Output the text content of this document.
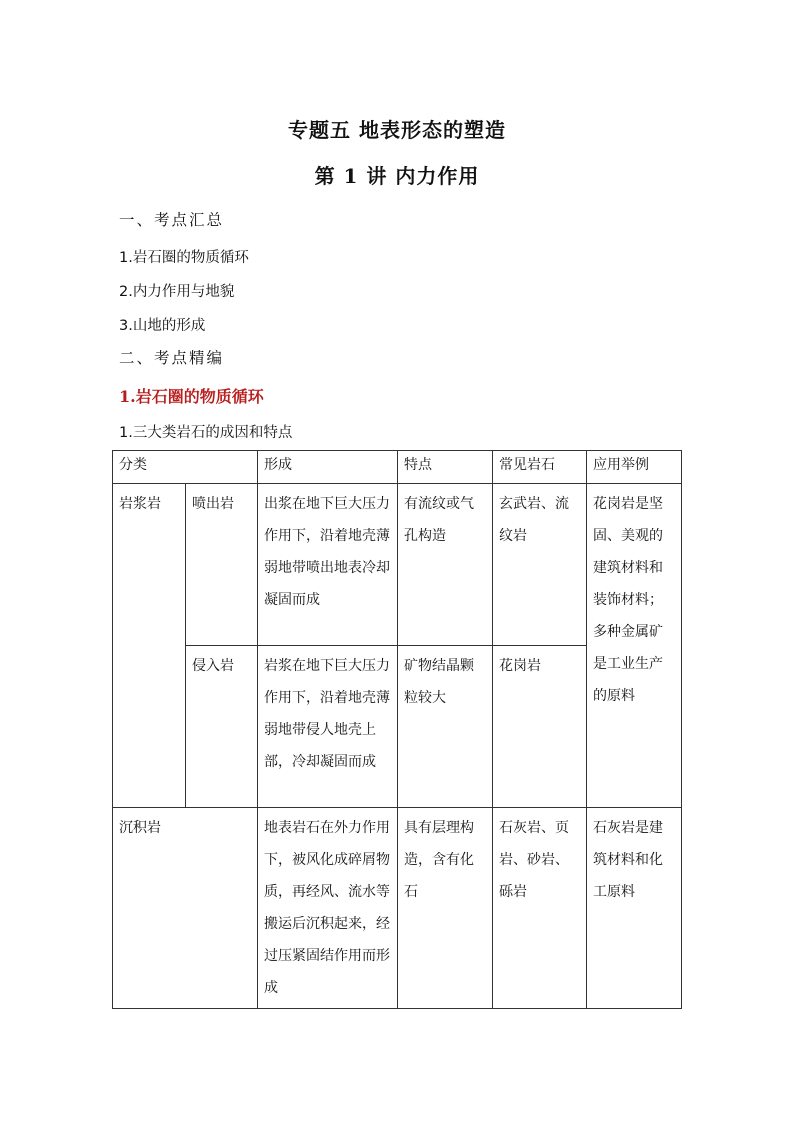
专题五 地表形态的塑造
第 1 讲 内力作用

一、考点汇总

1.岩石圈的物质循环

2.内力作用与地貌

3.山地的形成

二、考点精编

1.岩石圈的物质循环

1.三大类岩石的成因和特点

分类		形成	特点	常见岩石	应用举例
岩浆岩	喷出岩	出浆在地下巨大压力作用下，沿着地壳薄弱地带喷出地表冷却凝固而成	有流纹或气孔构造	玄武岩、流纹岩	花岗岩是坚固、美观的建筑材料和装饰材料；多种金属矿是工业生产的原料
	侵入岩	岩浆在地下巨大压力作用下，沿着地壳薄弱地带侵人地壳上部，冷却凝固而成	矿物结晶颗粒较大	花岗岩	
沉积岩		地表岩石在外力作用下，被风化成碎屑物质，再经风、流水等搬运后沉积起来，经过压紧固结作用而形成	具有层理构造，含有化石	石灰岩、页岩、砂岩、砾岩	石灰岩是建筑材料和化工原料
